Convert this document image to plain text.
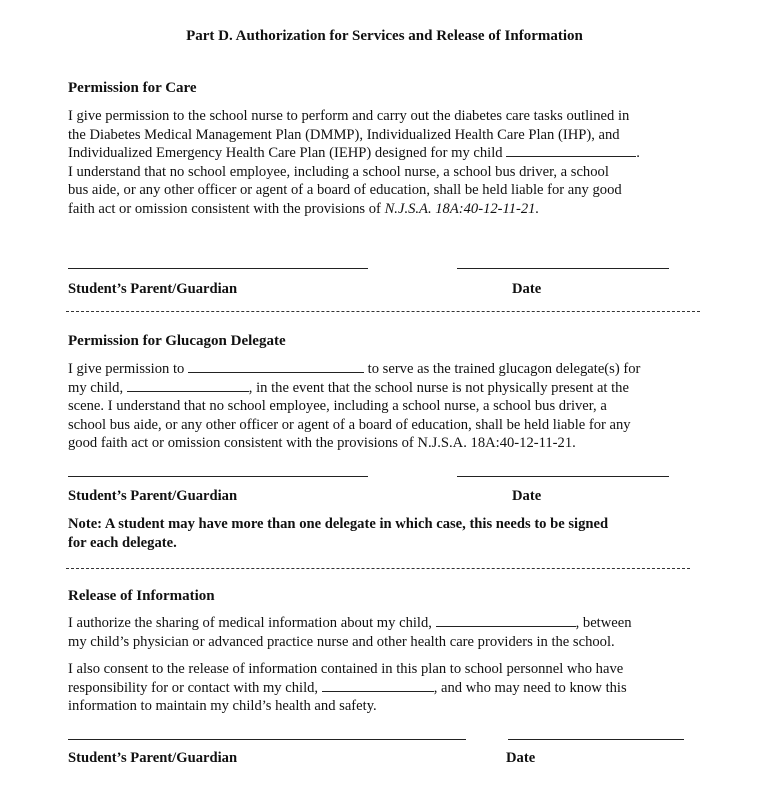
Part D. Authorization for Services and Release of Information
Permission for Care
I give permission to the school nurse to perform and carry out the diabetes care tasks outlined in
the Diabetes Medical Management Plan (DMMP), Individualized Health Care Plan (IHP), and
Individualized Emergency Health Care Plan (IEHP) designed for my child	.
I understand that no school employee, including a school nurse, a school bus driver, a school
bus aide, or any other officer or agent of a board of education, shall be held liable for any good
faith act or omission consistent with the provisions of N.J.S.A. 18A:40-12-11-21.
Student’s Parent/Guardian	Date
Permission for Glucagon Delegate
I give permission to	to serve as the trained glucagon delegate(s) for
my child,	, in the event that the school nurse is not physically present at the
scene. I understand that no school employee, including a school nurse, a school bus driver, a
school bus aide, or any other officer or agent of a board of education, shall be held liable for any
good faith act or omission consistent with the provisions of N.J.S.A. 18A:40-12-11-21.
Student’s Parent/Guardian	Date
Note: A student may have more than one delegate in which case, this needs to be signed
for each delegate.
Release of Information
I authorize the sharing of medical information about my child,	, between
my child’s physician or advanced practice nurse and other health care providers in the school.
I also consent to the release of information contained in this plan to school personnel who have
responsibility for or contact with my child,	, and who may need to know this
information to maintain my child’s health and safety.
Student’s Parent/Guardian	Date
